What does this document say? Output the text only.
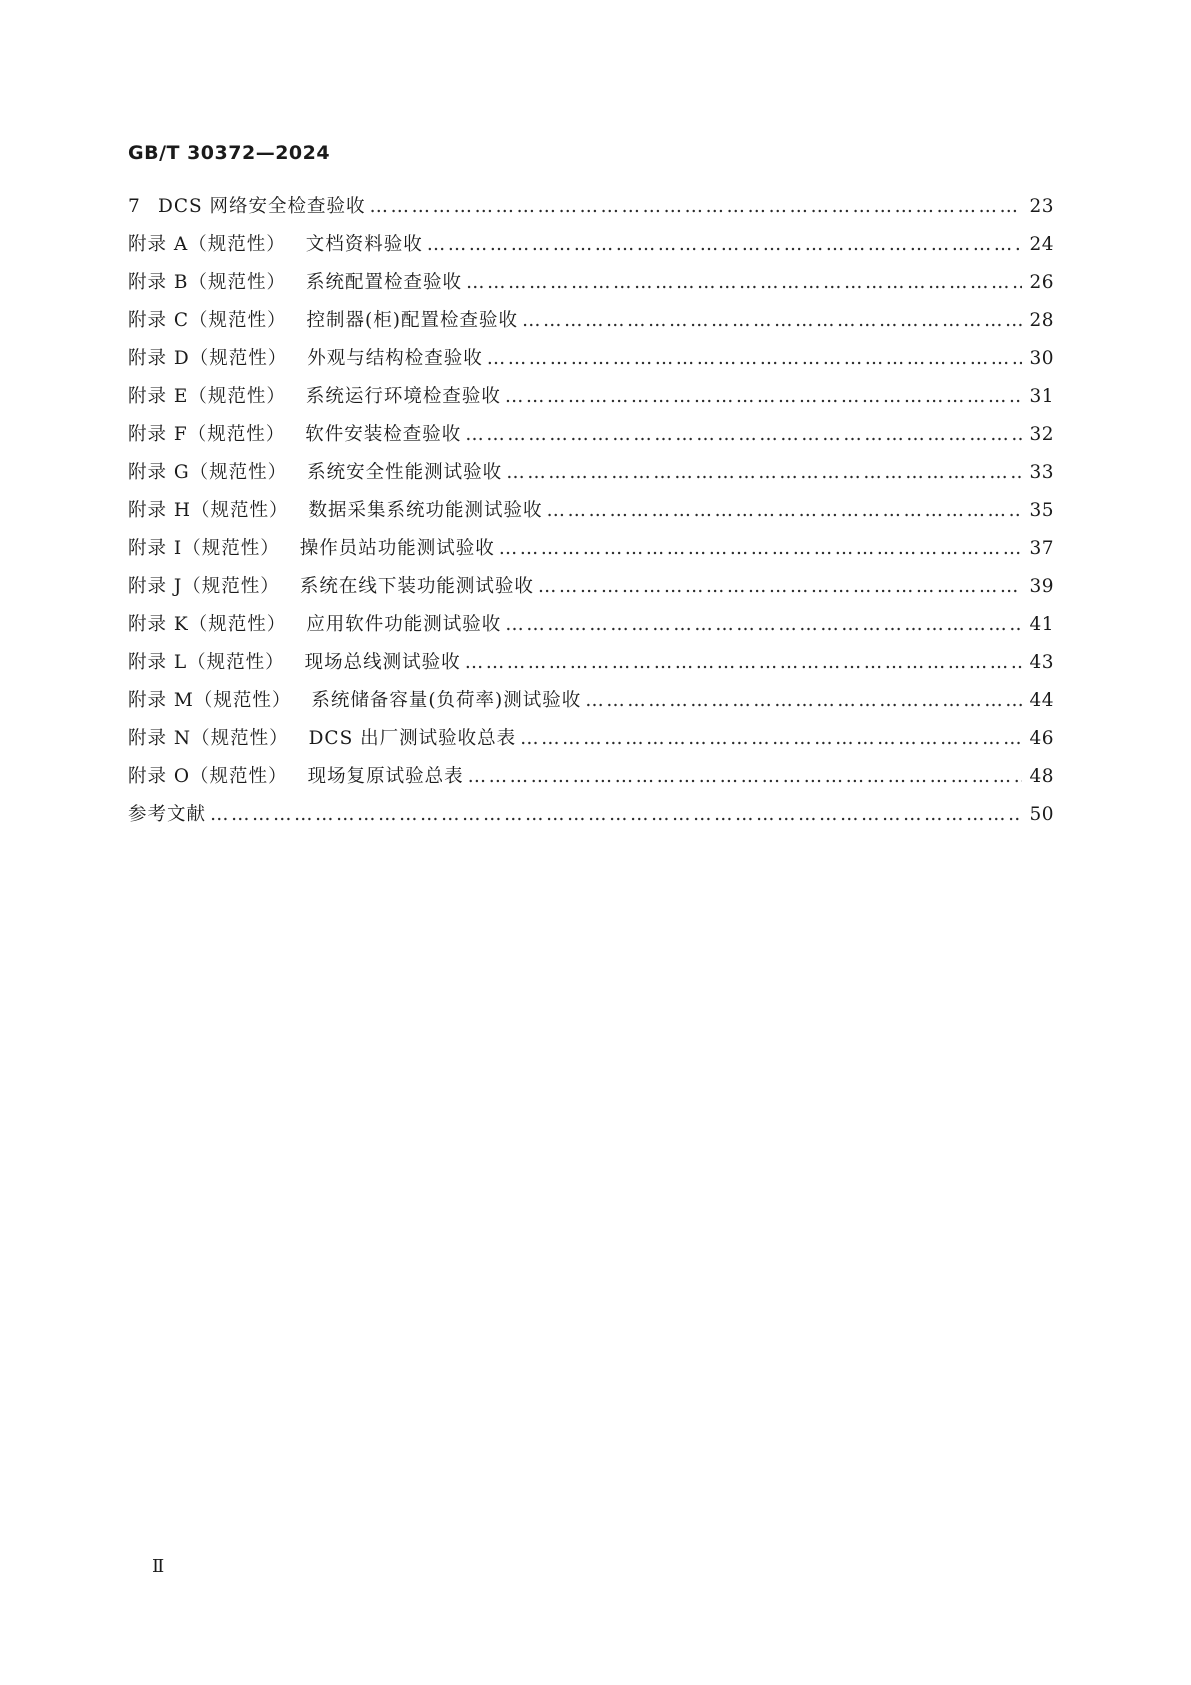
GB/T 30372—2024
7 DCS 网络安全检查验收 ……………………………………………………………………………………………………………………………………………………………………………………………………………………………………………	23
附录 A（规范性） 文档资料验收 ……………………………………………………………………………………………………………………………………………………………………………………………………………………………………………	24
附录 B（规范性） 系统配置检查验收 ……………………………………………………………………………………………………………………………………………………………………………………………………………………………………………	26
附录 C（规范性） 控制器(柜)配置检查验收 ……………………………………………………………………………………………………………………………………………………………………………………………………………………………………………	28
附录 D（规范性） 外观与结构检查验收 ……………………………………………………………………………………………………………………………………………………………………………………………………………………………………………	30
附录 E（规范性） 系统运行环境检查验收 ……………………………………………………………………………………………………………………………………………………………………………………………………………………………………………	31
附录 F（规范性） 软件安装检查验收 ……………………………………………………………………………………………………………………………………………………………………………………………………………………………………………	32
附录 G（规范性） 系统安全性能测试验收 ……………………………………………………………………………………………………………………………………………………………………………………………………………………………………………	33
附录 H（规范性） 数据采集系统功能测试验收 ……………………………………………………………………………………………………………………………………………………………………………………………………………………………………………	35
附录 I（规范性） 操作员站功能测试验收 ……………………………………………………………………………………………………………………………………………………………………………………………………………………………………………	37
附录 J（规范性） 系统在线下装功能测试验收 ……………………………………………………………………………………………………………………………………………………………………………………………………………………………………………	39
附录 K（规范性） 应用软件功能测试验收 ……………………………………………………………………………………………………………………………………………………………………………………………………………………………………………	41
附录 L（规范性） 现场总线测试验收 ……………………………………………………………………………………………………………………………………………………………………………………………………………………………………………	43
附录 M（规范性） 系统储备容量(负荷率)测试验收 ……………………………………………………………………………………………………………………………………………………………………………………………………………………………………………	44
附录 N（规范性） DCS 出厂测试验收总表 ……………………………………………………………………………………………………………………………………………………………………………………………………………………………………………	46
附录 O（规范性） 现场复原试验总表 ……………………………………………………………………………………………………………………………………………………………………………………………………………………………………………	48
参考文献 ……………………………………………………………………………………………………………………………………………………………………………………………………………………………………………	50
Ⅱ
